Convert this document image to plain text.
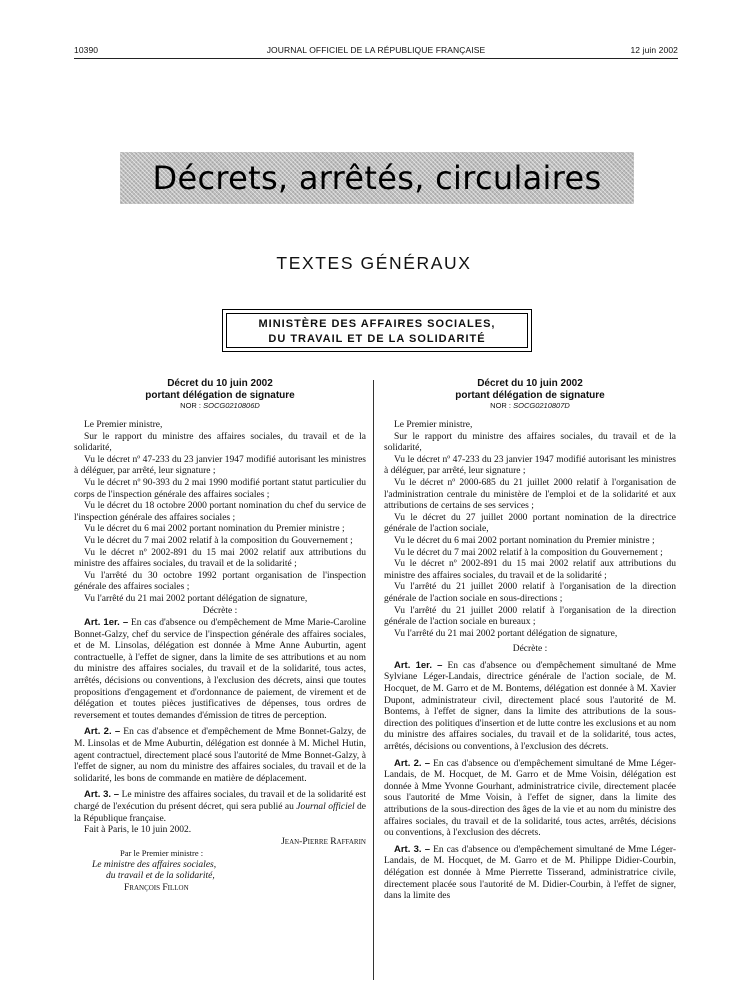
10390	JOURNAL OFFICIEL DE LA RÉPUBLIQUE FRANÇAISE	12 juin 2002
Décrets, arrêtés, circulaires
TEXTES GÉNÉRAUX
MINISTÈRE DES AFFAIRES SOCIALES,
DU TRAVAIL ET DE LA SOLIDARITÉ
Décret du 10 juin 2002
portant délégation de signature
NOR : SOCG0210806D

Le Premier ministre,

Sur le rapport du ministre des affaires sociales, du travail et de la solidarité,

Vu le décret nº 47-233 du 23 janvier 1947 modifié autorisant les ministres à déléguer, par arrêté, leur signature ;

Vu le décret nº 90-393 du 2 mai 1990 modifié portant statut particulier du corps de l'inspection générale des affaires sociales ;

Vu le décret du 18 octobre 2000 portant nomination du chef du service de l'inspection générale des affaires sociales ;

Vu le décret du 6 mai 2002 portant nomination du Premier ministre ;

Vu le décret du 7 mai 2002 relatif à la composition du Gouvernement ;

Vu le décret nº 2002-891 du 15 mai 2002 relatif aux attributions du ministre des affaires sociales, du travail et de la solidarité ;

Vu l'arrêté du 30 octobre 1992 portant organisation de l'inspection générale des affaires sociales ;

Vu l'arrêté du 21 mai 2002 portant délégation de signature,

Décrète :

Art. 1er. – En cas d'absence ou d'empêchement de Mme Marie-Caroline Bonnet-Galzy, chef du service de l'inspection générale des affaires sociales, et de M. Linsolas, délégation est donnée à Mme Anne Auburtin, agent contractuelle, à l'effet de signer, dans la limite de ses attributions et au nom du ministre des affaires sociales, du travail et de la solidarité, tous actes, arrêtés, décisions ou conventions, à l'exclusion des décrets, ainsi que toutes propositions d'engagement et d'ordonnance de paiement, de virement et de délégation et toutes pièces justificatives de dépenses, tous ordres de reversement et toutes demandes d'émission de titres de perception.

Art. 2. – En cas d'absence et d'empêchement de Mme Bonnet-Galzy, de M. Linsolas et de Mme Auburtin, délégation est donnée à M. Michel Hutin, agent contractuel, directement placé sous l'autorité de Mme Bonnet-Galzy, à l'effet de signer, au nom du ministre des affaires sociales, du travail et de la solidarité, les bons de commande en matière de déplacement.

Art. 3. – Le ministre des affaires sociales, du travail et de la solidarité est chargé de l'exécution du présent décret, qui sera publié au Journal officiel de la République française.

Fait à Paris, le 10 juin 2002.

Jean-Pierre Raffarin

Par le Premier ministre :

Le ministre des affaires sociales,

du travail et de la solidarité,

François Fillon

Décret du 10 juin 2002
portant délégation de signature
NOR : SOCG0210807D

Le Premier ministre,

Sur le rapport du ministre des affaires sociales, du travail et de la solidarité,

Vu le décret nº 47-233 du 23 janvier 1947 modifié autorisant les ministres à déléguer, par arrêté, leur signature ;

Vu le décret nº 2000-685 du 21 juillet 2000 relatif à l'organisation de l'administration centrale du ministère de l'emploi et de la solidarité et aux attributions de certains de ses services ;

Vu le décret du 27 juillet 2000 portant nomination de la directrice générale de l'action sociale,

Vu le décret du 6 mai 2002 portant nomination du Premier ministre ;

Vu le décret du 7 mai 2002 relatif à la composition du Gouvernement ;

Vu le décret nº 2002-891 du 15 mai 2002 relatif aux attributions du ministre des affaires sociales, du travail et de la solidarité ;

Vu l'arrêté du 21 juillet 2000 relatif à l'organisation de la direction générale de l'action sociale en sous-directions ;

Vu l'arrêté du 21 juillet 2000 relatif à l'organisation de la direction générale de l'action sociale en bureaux ;

Vu l'arrêté du 21 mai 2002 portant délégation de signature,

Décrète :

Art. 1er. – En cas d'absence ou d'empêchement simultané de Mme Sylviane Léger-Landais, directrice générale de l'action sociale, de M. Hocquet, de M. Garro et de M. Bontems, délégation est donnée à M. Xavier Dupont, administrateur civil, directement placé sous l'autorité de M. Bontems, à l'effet de signer, dans la limite des attributions de la sous-direction des politiques d'insertion et de lutte contre les exclusions et au nom du ministre des affaires sociales, du travail et de la solidarité, tous actes, arrêtés, décisions ou conventions, à l'exclusion des décrets.

Art. 2. – En cas d'absence ou d'empêchement simultané de Mme Léger-Landais, de M. Hocquet, de M. Garro et de Mme Voisin, délégation est donnée à Mme Yvonne Gourhant, administratrice civile, directement placée sous l'autorité de Mme Voisin, à l'effet de signer, dans la limite des attributions de la sous-direction des âges de la vie et au nom du ministre des affaires sociales, du travail et de la solidarité, tous actes, arrêtés, décisions ou conventions, à l'exclusion des décrets.

Art. 3. – En cas d'absence ou d'empêchement simultané de Mme Léger-Landais, de M. Hocquet, de M. Garro et de M. Philippe Didier-Courbin, délégation est donnée à Mme Pierrette Tisserand, administratrice civile, directement placée sous l'autorité de M. Didier-Courbin, à l'effet de signer, dans la limite des
